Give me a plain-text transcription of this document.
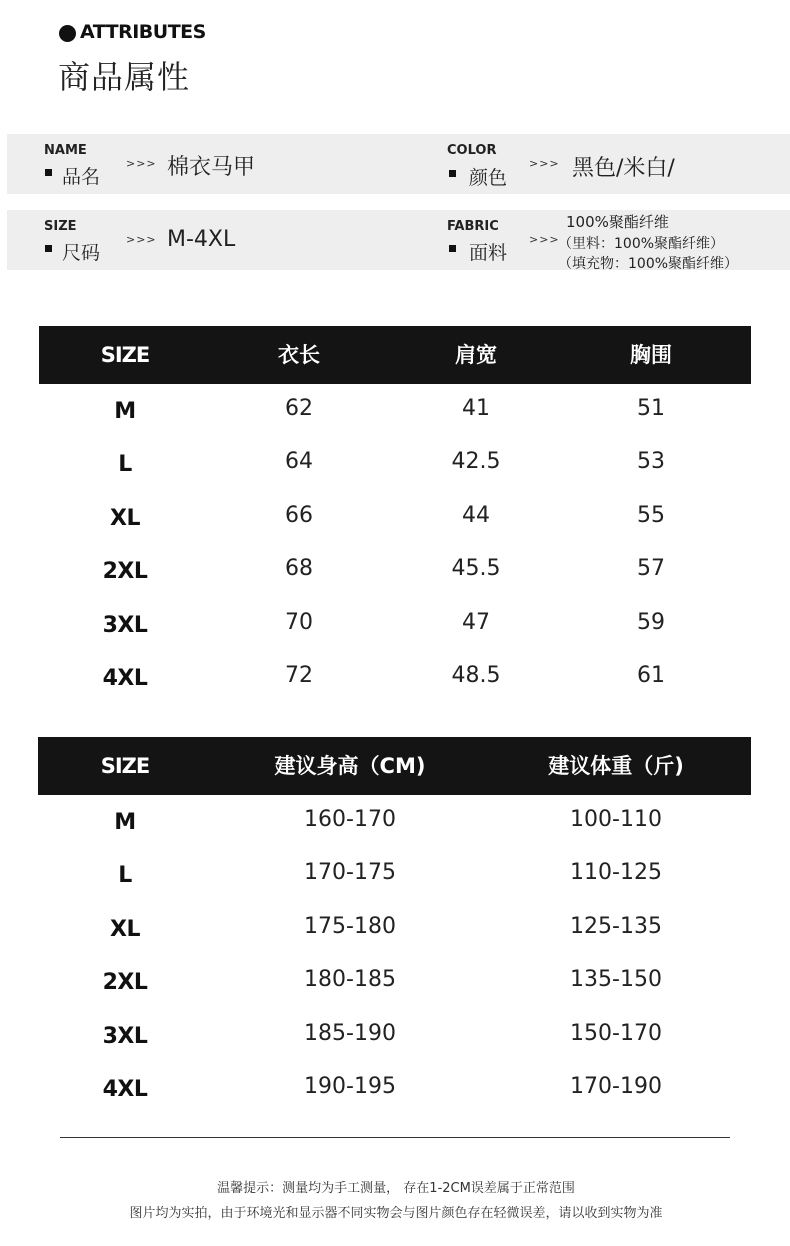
ATTRIBUTES
商品属性
NAME
品名
>>> 棉衣马甲
COLOR
颜色
>>> 黑色/米白/
SIZE
尺码
>>> M-4XL
FABRIC
面料
>>>
100%聚酯纤维
（里料：100%聚酯纤维）
（填充物：100%聚酯纤维）
SIZE	衣长	肩宽	胸围
M	62	41	51
L	64	42.5	53
XL	66	44	55
2XL	68	45.5	57
3XL	70	47	59
4XL	72	48.5	61
SIZE	建议身高（CM)	建议体重（斤)
M	160-170	100-110
L	170-175	110-125
XL	175-180	125-135
2XL	180-185	135-150
3XL	185-190	150-170
4XL	190-195	170-190
温馨提示：测量均为手工测量， 存在1-2CM误差属于正常范围
图片均为实拍，由于环境光和显示器不同实物会与图片颜色存在轻微误差，请以收到实物为准
